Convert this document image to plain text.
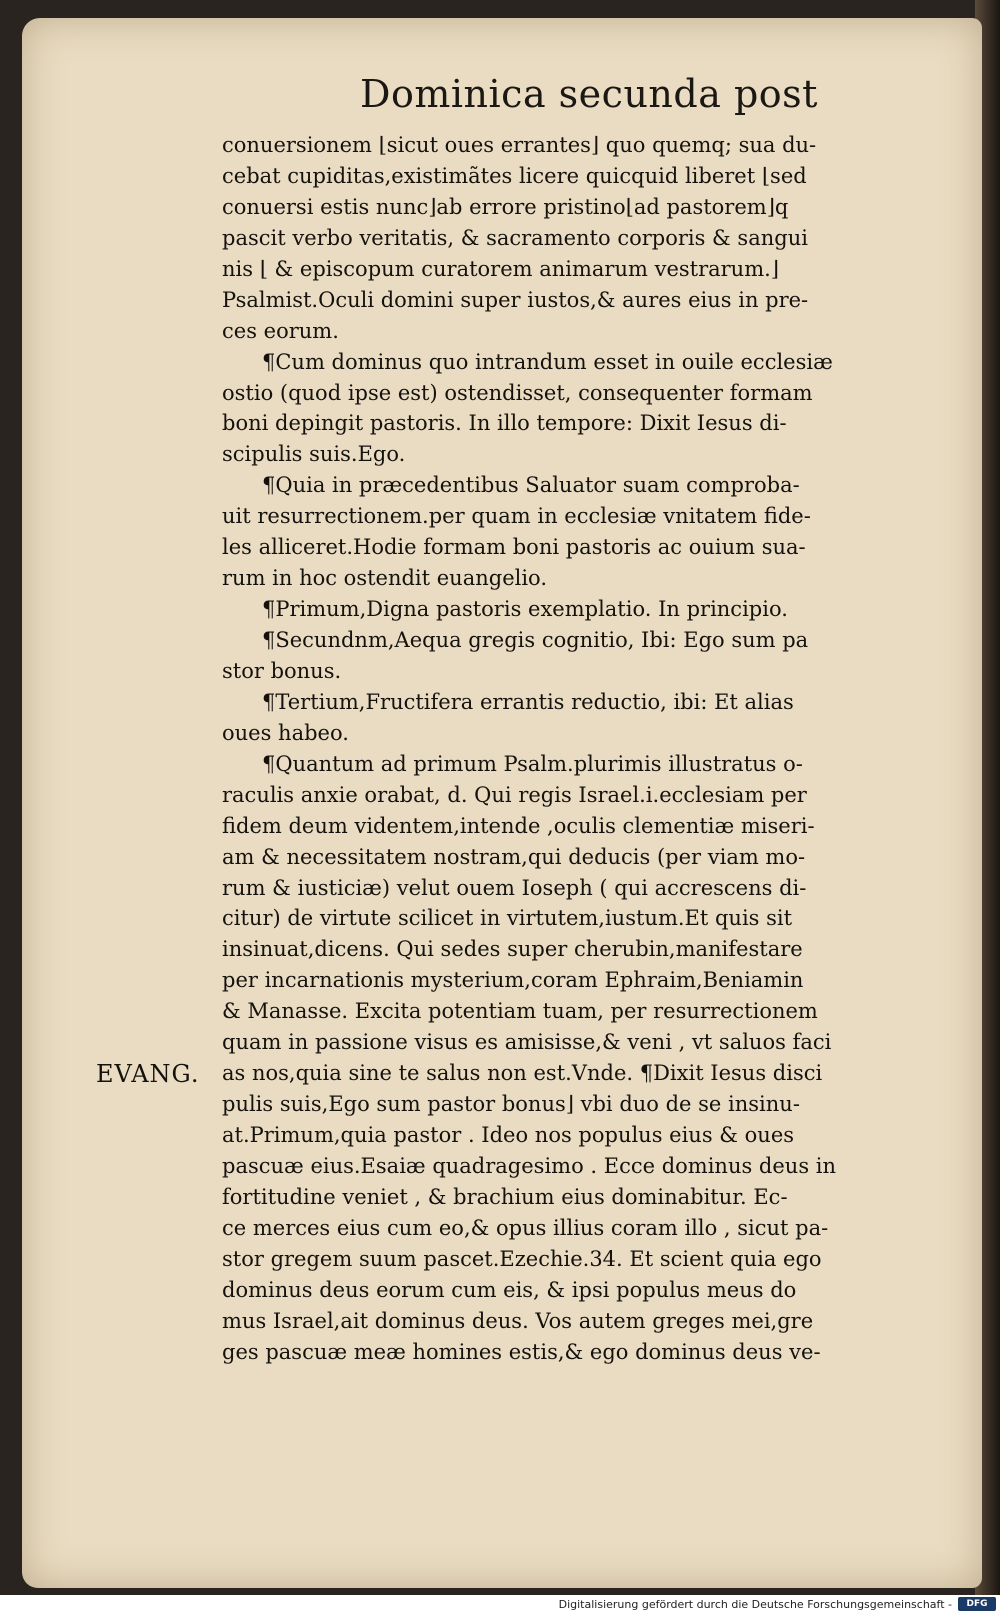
Dominica secunda post
EVANG.
conuersionem ⌊sicut oues errantes⌋ quo quemq; sua du-
cebat cupiditas,existimãtes licere quicquid liberet ⌊sed
conuersi estis nunc⌋ab errore pristino⌊ad pastorem⌋q
pascit verbo veritatis, & sacramento corporis & sangui
nis ⌊ & episcopum curatorem animarum vestrarum.⌋
Psalmist.Oculi domini super iustos,& aures eius in pre-
ces eorum.
¶Cum dominus quo intrandum esset in ouile ecclesiæ
ostio (quod ipse est) ostendisset, consequenter formam
boni depingit pastoris. In illo tempore: Dixit Iesus di-
scipulis suis.Ego.
¶Quia in præcedentibus Saluator suam comproba-
uit resurrectionem.per quam in ecclesiæ vnitatem fide-
les alliceret.Hodie formam boni pastoris ac ouium sua-
rum in hoc ostendit euangelio.
¶Primum,Digna pastoris exemplatio. In principio.
¶Secundnm,Aequa gregis cognitio, Ibi: Ego sum pa
stor bonus.
¶Tertium,Fructifera errantis reductio, ibi: Et alias
oues habeo.
¶Quantum ad primum Psalm.plurimis illustratus o-
raculis anxie orabat, d. Qui regis Israel.i.ecclesiam per
fidem deum videntem,intende ,oculis clementiæ miseri-
am & necessitatem nostram,qui deducis (per viam mo-
rum & iusticiæ) velut ouem Ioseph ( qui accrescens di-
citur) de virtute scilicet in virtutem,iustum.Et quis sit
insinuat,dicens. Qui sedes super cherubin,manifestare
per incarnationis mysterium,coram Ephraim,Beniamin
& Manasse. Excita potentiam tuam, per resurrectionem
quam in passione visus es amisisse,& veni , vt saluos faci
as nos,quia sine te salus non est.Vnde. ¶Dixit Iesus disci
pulis suis,Ego sum pastor bonus⌋ vbi duo de se insinu-
at.Primum,quia pastor . Ideo nos populus eius & oues
pascuæ eius.Esaiæ quadragesimo . Ecce dominus deus in
fortitudine veniet , & brachium eius dominabitur. Ec-
ce merces eius cum eo,& opus illius coram illo , sicut pa-
stor gregem suum pascet.Ezechie.34. Et scient quia ego
dominus deus eorum cum eis, & ipsi populus meus do
mus Israel,ait dominus deus. Vos autem greges mei,gre
ges pascuæ meæ homines estis,& ego dominus deus ve-
Digitalisierung gefördert durch die Deutsche Forschungsgemeinschaft -	DFG
